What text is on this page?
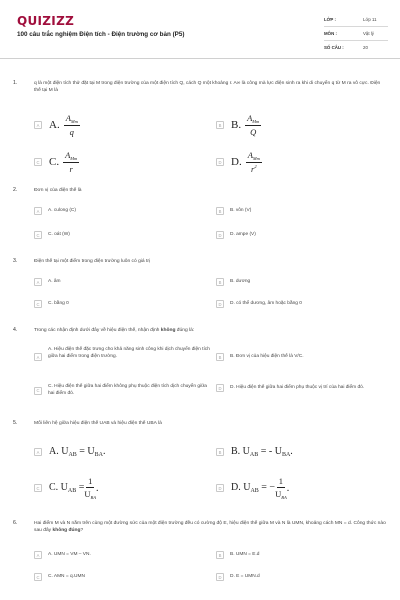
QUIZIZZ
100 câu trắc nghiệm Điện tích - Điện trường cơ bản (P5)
LỚP :	Lớp 11
MÔN :	Vật lý
SỐ CÂU :	20
1.	q là một điện tích thử đặt tại M trong điện trường của một điện tích Q, cách Q một khoảng r. A∞ là công mà lực điện sinh ra khi di chuyển q từ M ra vô cực. Điện thế tại M là
A A. $\frac{A_{Mm}}{q}$	B B. $\frac{A_{Mm}}{Q}$
C C. $\frac{A_{Mm}}{r}$	D D. $\frac{A_{Mm}}{r^2}$
2.	Đơn vị của điện thế là
A	A. culong (C)	B	B. vôn (V)
C	C. oát (W)	D	D. ampe (V)
3.	Điện thế tại một điểm trong điện trường luôn có giá trị
A	A. âm	B	B. dương
C	C. bằng 0	D	D. có thể dương, âm hoặc bằng 0
4.	Trong các nhận định dưới đây về hiệu điện thế, nhận định không đúng là:
A
A. Hiệu điện thế đặc trưng cho khả năng sinh công khi dịch chuyển điện tích giữa hai điểm trong điện trường.	B	B. Đơn vị của hiệu điện thế là V/C.
C
C. Hiệu điện thế giữa hai điểm không phụ thuộc điện tích dịch chuyển giữa hai điểm đó.
D	D. Hiệu điện thế giữa hai điểm phụ thuộc vị trí của hai điểm đó.
5.	Mối liên hệ giữa hiệu điện thế UAB và hiệu điện thế UBA là
A A. $U_{AB} = U_{BA}$.	B B. $U_{AB}$ = - $U_{BA}$.
C C. $U_{AB} = \frac{1}{U_{BA}}$ .	D D. $U_{AB}$ = − $\frac{1}{U_{BA}}$ .
6.	Hai điểm M và N nằm trên cùng một đường sức của một điện trường đều có cường độ E, hiệu điện thế giữa M và N là UMN, khoảng cách MN = d. Công thức nào sau đây không đúng?
A	A. UMN = VM – VN.	B	B. UMN = E.d
C	C. AMN = q.UMN	D	D. E = UMN.d
